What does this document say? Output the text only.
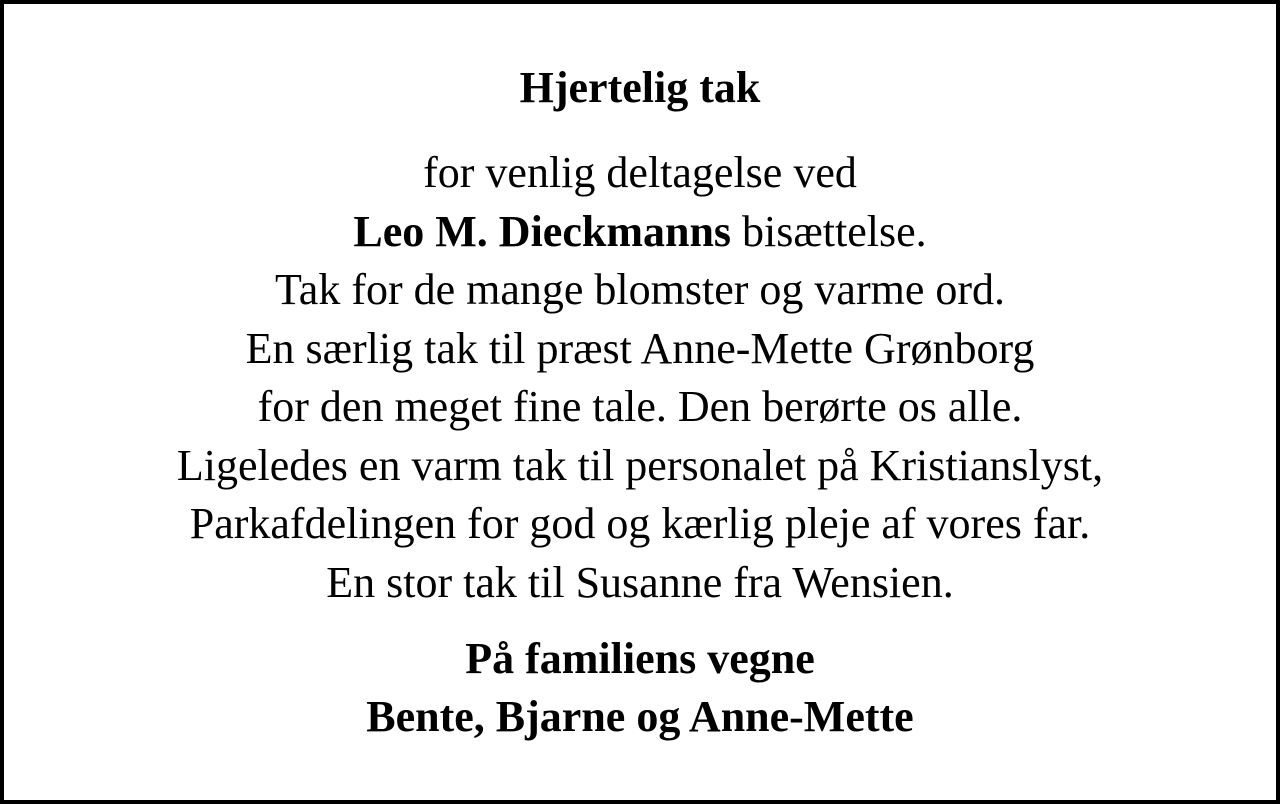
Hjertelig tak
for venlig deltagelse ved
Leo M. Dieckmanns bisættelse.
Tak for de mange blomster og varme ord.
En særlig tak til præst Anne-Mette Grønborg
for den meget fine tale. Den berørte os alle.
Ligeledes en varm tak til personalet på Kristianslyst,
Parkafdelingen for god og kærlig pleje af vores far.
En stor tak til Susanne fra Wensien.
På familiens vegne
Bente, Bjarne og Anne-Mette
